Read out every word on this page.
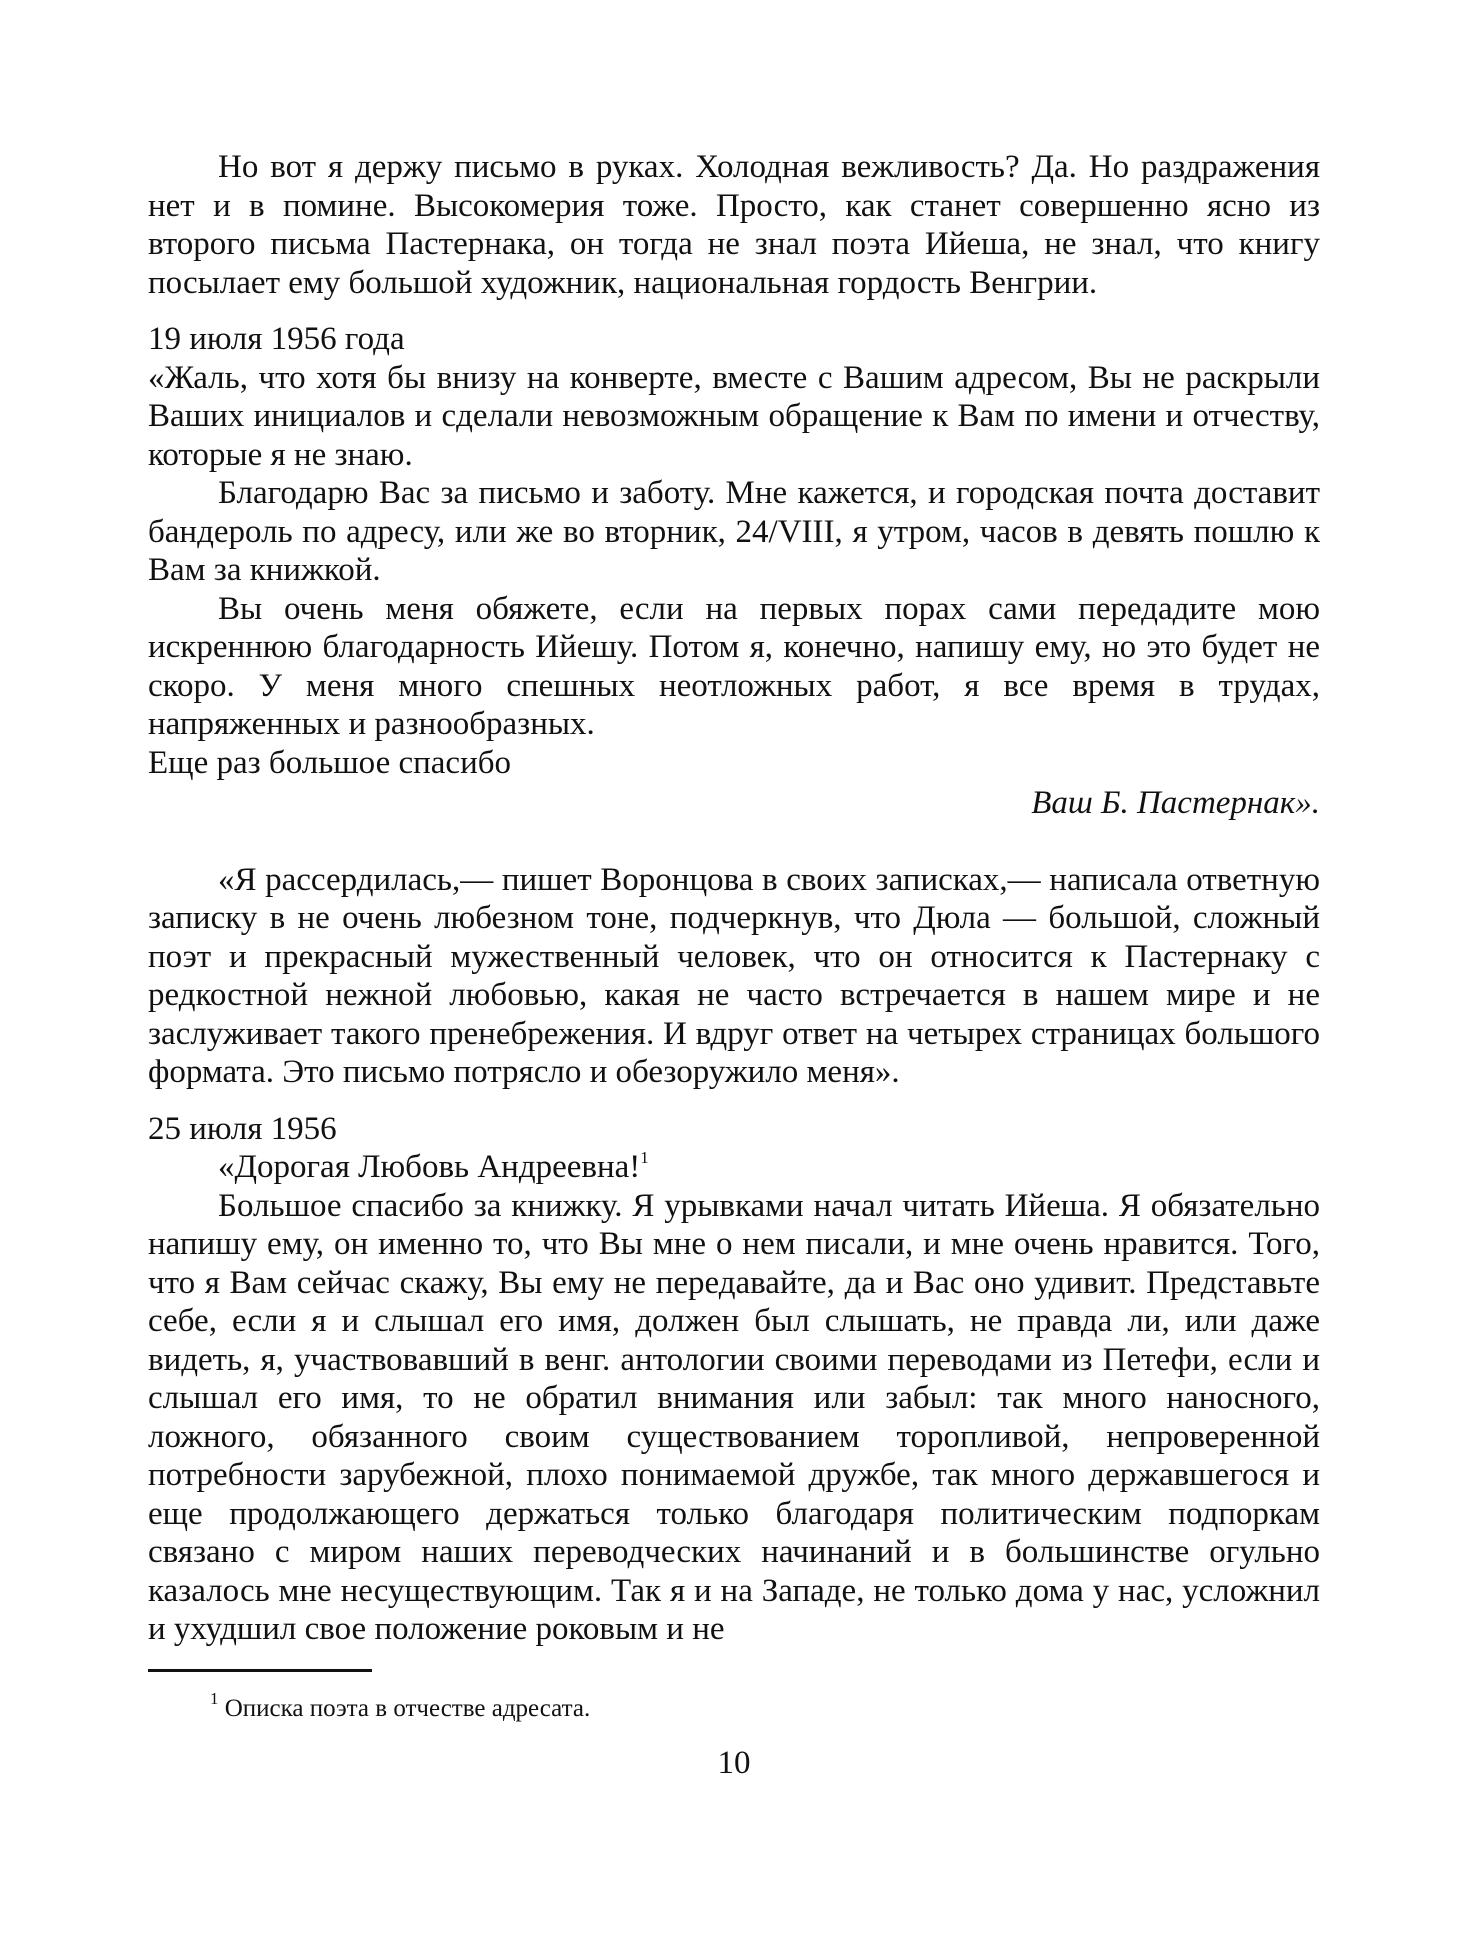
Но вот я держу письмо в руках. Холодная вежливость? Да. Но раздражения нет и в помине. Высокомерия тоже. Просто, как станет совершенно ясно из второго письма Пастернака, он тогда не знал поэта Ийеша, не знал, что книгу посылает ему большой художник, национальная гордость Венгрии.

19 июля 1956 года

«Жаль, что хотя бы внизу на конверте, вместе с Вашим адресом, Вы не раскрыли Ваших инициалов и сделали невозможным обращение к Вам по имени и отчеству, которые я не знаю.

Благодарю Вас за письмо и заботу. Мне кажется, и городская почта доставит бандероль по адресу, или же во вторник, 24/VIII, я утром, часов в девять пошлю к Вам за книжкой.

Вы очень меня обяжете, если на первых порах сами передадите мою искреннюю благодарность Ийешу. Потом я, конечно, напишу ему, но это будет не скоро. У меня много спешных неотложных работ, я все время в трудах, напряженных и разнообразных.

Еще раз большое спасибо

Ваш Б. Пастернак».

«Я рассердилась,— пишет Воронцова в своих записках,— написала ответную записку в не очень любезном тоне, подчеркнув, что Дюла — большой, сложный поэт и прекрасный мужественный человек, что он относится к Пастернаку с редкостной нежной любовью, какая не часто встречается в нашем мире и не заслуживает такого пренебрежения. И вдруг ответ на четырех страницах большого формата. Это письмо потрясло и обезоружило меня».

25 июля 1956

«Дорогая Любовь Андреевна!$^1$

Большое спасибо за книжку. Я урывками начал читать Ийеша. Я обязательно напишу ему, он именно то, что Вы мне о нем писали, и мне очень нравится. Того, что я Вам сейчас скажу, Вы ему не передавайте, да и Вас оно удивит. Представьте себе, если я и слышал его имя, должен был слышать, не правда ли, или даже видеть, я, участвовавший в венг. антологии своими переводами из Петефи, если и слышал его имя, то не обратил внимания или забыл: так много наносного, ложного, обязанного своим существованием торопливой, непроверенной потребности зарубежной, плохо понимаемой дружбе, так много державшегося и еще продолжающего держаться только благодаря политическим подпоркам связано с миром наших переводческих начинаний и в большинстве огульно казалось мне несуществующим. Так я и на Западе, не только дома у нас, усложнил и ухудшил свое положение роковым и не

$^1$ Описка поэта в отчестве адресата.

10
